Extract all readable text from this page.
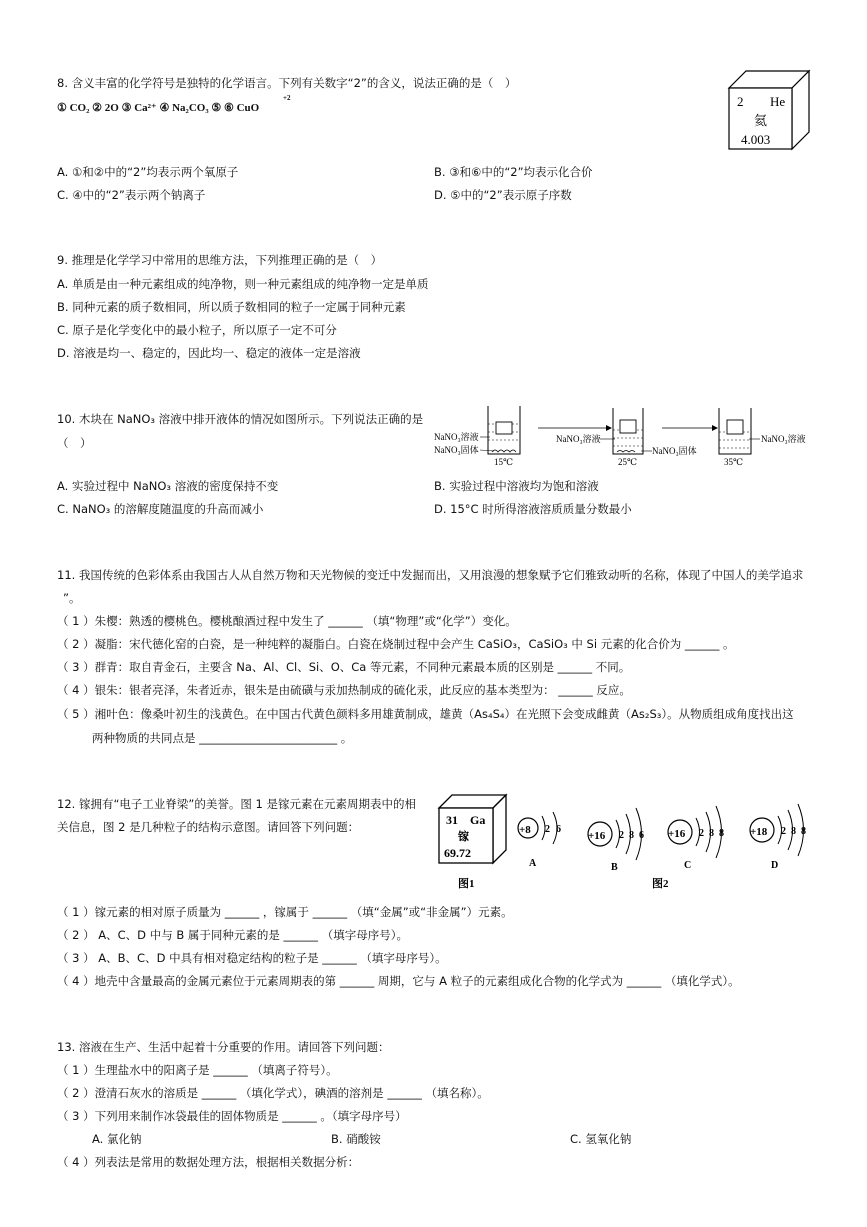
8. 含义丰富的化学符号是独特的化学语言。下列有关数字“2”的含义，说法正确的是（　）
① CO₂ ② 2O ③ Ca²⁺ ④ Na₂CO₃ ⑤ ⑥ CuO
+2	2 He
氦
4.003
A. ①和②中的“2”均表示两个氧原子	B. ③和⑥中的“2”均表示化合价
C. ④中的“2”表示两个钠离子	D. ⑤中的“2”表示原子序数
9. 推理是化学学习中常用的思维方法，下列推理正确的是（　）
A. 单质是由一种元素组成的纯净物，则一种元素组成的纯净物一定是单质
B. 同种元素的质子数相同，所以质子数相同的粒子一定属于同种元素
C. 原子是化学变化中的最小粒子，所以原子一定不可分
D. 溶液是均一、稳定的，因此均一、稳定的液体一定是溶液
10. 木块在 NaNO₃ 溶液中排开液体的情况如图所示。下列说法正确的是
（　）	NaNO₃溶液
NaNO₃固体
15℃
NaNO₃溶液
NaNO₃固体
25℃
NaNO₃溶液
35℃
A. 实验过程中 NaNO₃ 溶液的密度保持不变	B. 实验过程中溶液均为饱和溶液
C. NaNO₃ 的溶解度随温度的升高而减小	D. 15°C 时所得溶液溶质质量分数最小
11. 我国传统的色彩体系由我国古人从自然万物和天光物候的变迁中发掘而出，又用浪漫的想象赋予它们雅致动听的名称，体现了中国人的美学追求
”。
（ 1 ）朱樱：熟透的樱桃色。樱桃酿酒过程中发生了 ______ （填“物理”或“化学”）变化。
（ 2 ）凝脂：宋代德化窑的白瓷，是一种纯粹的凝脂白。白瓷在烧制过程中会产生 CaSiO₃，CaSiO₃ 中 Si 元素的化合价为 ______ 。
（ 3 ）群青：取自青金石，主要含 Na、Al、Cl、Si、O、Ca 等元素，不同种元素最本质的区别是 ______ 不同。
（ 4 ）银朱：银者亮泽，朱者近赤，银朱是由硫磺与汞加热制成的硫化汞，此反应的基本类型为： ______ 反应。
（ 5 ）湘叶色：像桑叶初生的浅黄色。在中国古代黄色颜料多用雄黄制成，雄黄（As₄S₄）在光照下会变成雌黄（As₂S₃）。从物质组成角度找出这
两种物质的共同点是 ________________________ 。
12. 镓拥有“电子工业脊梁”的美誉。图 1 是镓元素在元素周期表中的相
关信息，图 2 是几种粒子的结构示意图。请回答下列问题：	31 Ga
镓
69.72
图1
+8 2 6
A
+16 2 8 6
B
+16 2 8 8
C
图2
+18 2 8 8
D
（ 1 ）镓元素的相对原子质量为 ______ ，镓属于 ______ （填“金属”或“非金属”）元素。
（ 2 ） A、C、D 中与 B 属于同种元素的是 ______ （填字母序号）。
（ 3 ） A、B、C、D 中具有相对稳定结构的粒子是 ______ （填字母序号）。
（ 4 ）地壳中含量最高的金属元素位于元素周期表的第 ______ 周期，它与 A 粒子的元素组成化合物的化学式为 ______ （填化学式）。
13. 溶液在生产、生活中起着十分重要的作用。请回答下列问题：
（ 1 ）生理盐水中的阳离子是 ______ （填离子符号）。
（ 2 ）澄清石灰水的溶质是 ______ （填化学式），碘酒的溶剂是 ______ （填名称）。
（ 3 ）下列用来制作冰袋最佳的固体物质是 ______ 。（填字母序号）
A. 氯化钠	B. 硝酸铵	C. 氢氧化钠
（ 4 ）列表法是常用的数据处理方法，根据相关数据分析：
